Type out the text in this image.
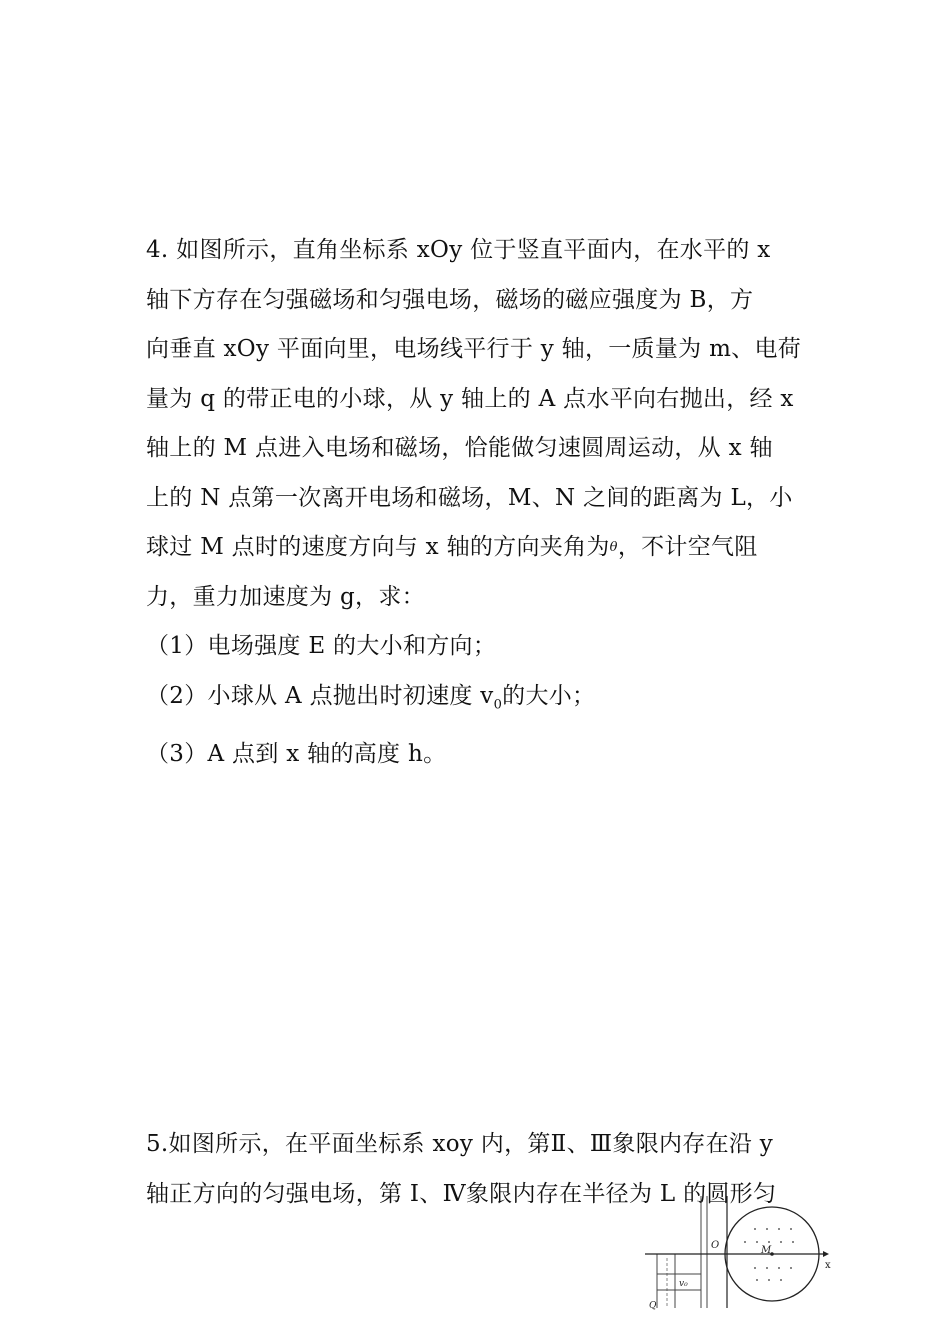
4. 如图所示，直角坐标系 xOy 位于竖直平面内，在水平的 x

轴下方存在匀强磁场和匀强电场，磁场的磁应强度为 B，方

向垂直 xOy 平面向里，电场线平行于 y 轴，一质量为 m、电荷

量为 q 的带正电的小球，从 y 轴上的 A 点水平向右抛出，经 x

轴上的 M 点进入电场和磁场，恰能做匀速圆周运动，从 x 轴

上的 N 点第一次离开电场和磁场，M、N 之间的距离为 L，小

球过 M 点时的速度方向与 x 轴的方向夹角为θ，不计空气阻

力，重力加速度为 g，求：

（1）电场强度 E 的大小和方向；

（2）小球从 A 点抛出时初速度 $v_0$的大小；

（3）A 点到 x 轴的高度 h。

5.如图所示，在平面坐标系 xoy 内，第Ⅱ、Ⅲ象限内存在沿 y

轴正方向的匀强电场，第 I、Ⅳ象限内存在半径为 L 的圆形匀

O	M
x
v₀
Q
